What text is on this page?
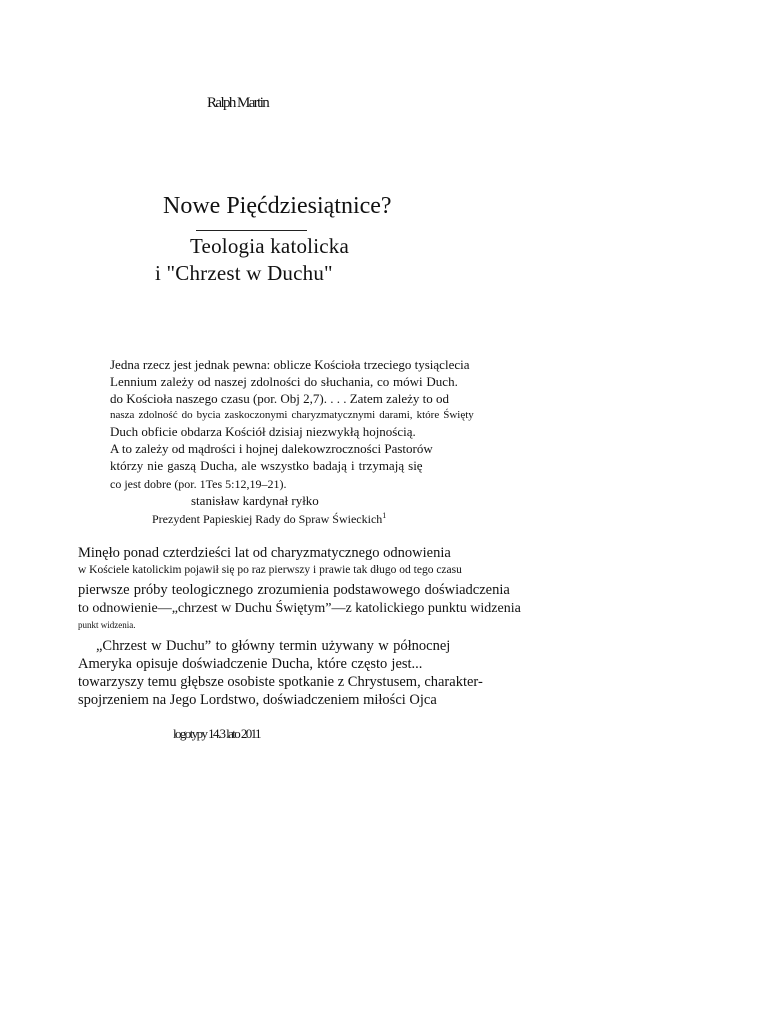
Ralph Martin
Nowe Pięćdziesiątnice?
Teologia katolicka
i "Chrzest w Duchu"
Jedna rzecz jest jednak pewna: oblicze Kościoła trzeciego tysiąclecia
Lennium zależy od naszej zdolności do słuchania, co mówi Duch.
do Kościoła naszego czasu (por. Obj 2,7). . . . Zatem zależy to od
nasza zdolność do bycia zaskoczonymi charyzmatycznymi darami, które Święty
Duch obficie obdarza Kościół dzisiaj niezwykłą hojnością.
A to zależy od mądrości i hojnej dalekowzroczności Pastorów
którzy nie gaszą Ducha, ale wszystko badają i trzymają się
co jest dobre (por. 1Tes 5:12,19–21).
stanisław kardynał ryłko
Prezydent Papieskiej Rady do Spraw Świeckich$^1$
Minęło ponad czterdzieści lat od charyzmatycznego odnowienia
w Kościele katolickim pojawił się po raz pierwszy i prawie tak długo od tego czasu
pierwsze próby teologicznego zrozumienia podstawowego doświadczenia
to odnowienie—„chrzest w Duchu Świętym”—z katolickiego punktu widzenia
punkt widzenia.
„Chrzest w Duchu” to główny termin używany w północnej
Ameryka opisuje doświadczenie Ducha, które często jest...
towarzyszy temu głębsze osobiste spotkanie z Chrystusem, charakter-
spojrzeniem na Jego Lordstwo, doświadczeniem miłości Ojca
logotypy 14.3 lato 2011
